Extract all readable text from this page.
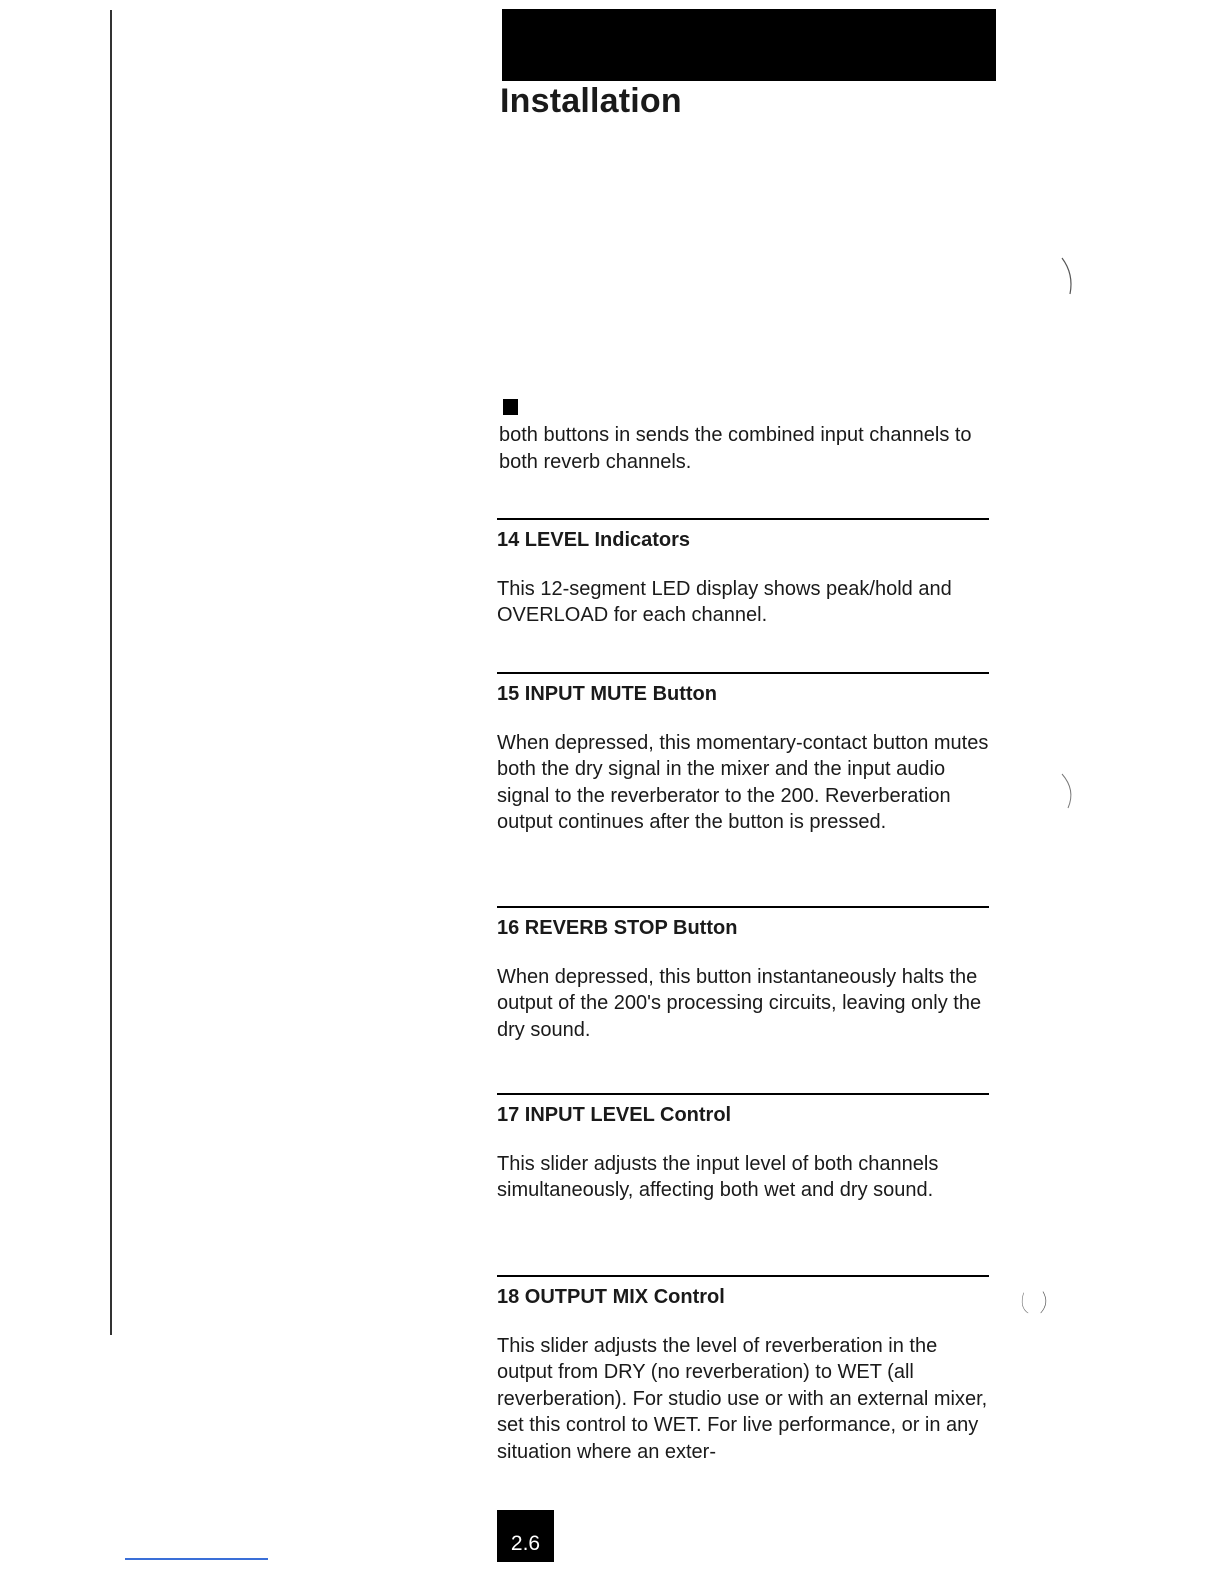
Installation

both buttons in sends the combined input channels to both reverb channels.

14 LEVEL Indicators

This 12-segment LED display shows peak/hold and OVERLOAD for each channel.

15 INPUT MUTE Button

When depressed, this momentary-contact button mutes both the dry signal in the mixer and the input audio signal to the reverberator to the 200. Reverberation output continues after the button is pressed.

16 REVERB STOP Button

When depressed, this button instantaneously halts the output of the 200's processing circuits, leaving only the dry sound.

17 INPUT LEVEL Control

This slider adjusts the input level of both channels simultaneously, affecting both wet and dry sound.

18 OUTPUT MIX Control

This slider adjusts the level of reverberation in the output from DRY (no reverberation) to WET (all reverberation). For studio use or with an external mixer, set this control to WET. For live performance, or in any situation where an exter-

2.6
